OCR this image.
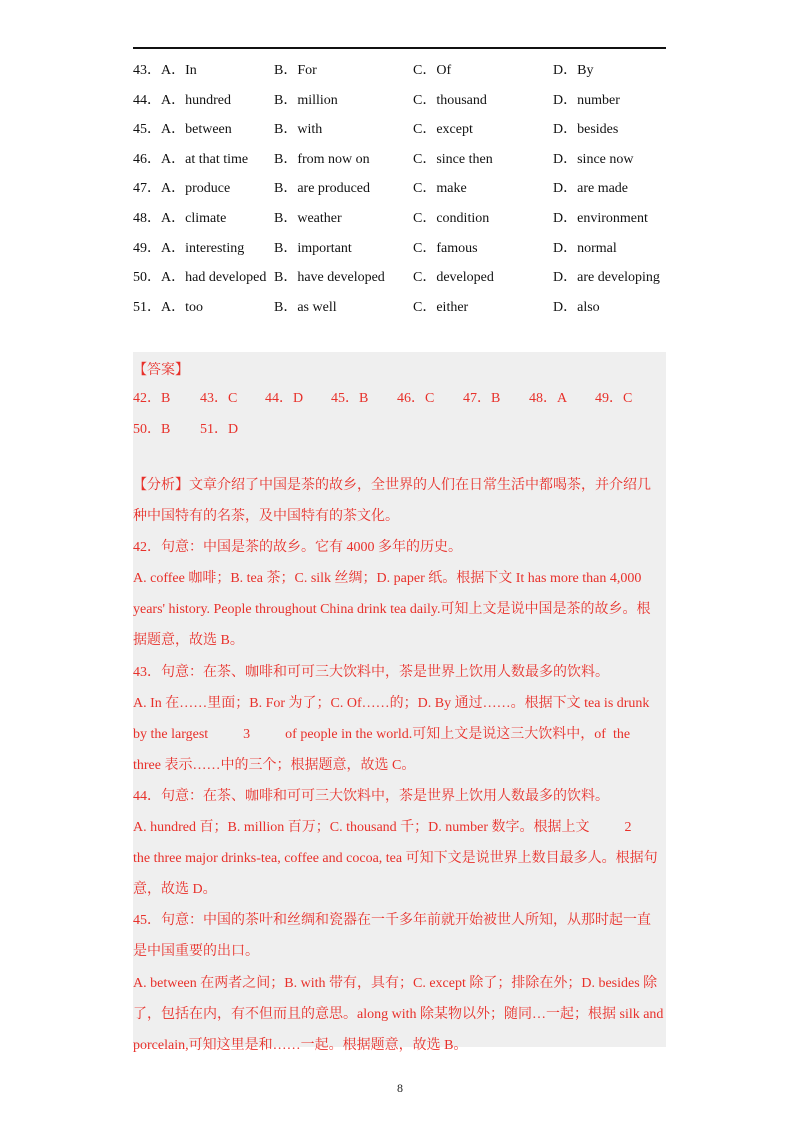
43． A．In	B．For	C．Of	D．By
44． A．hundred	B．million	C．thousand	D．number
45． A．between	B．with	C．except	D．besides
46． A．at that time B．from now on	C．since then	D．since now
47． A．produce	B．are produced	C．make	D．are made
48． A．climate	B．weather	C．condition	D．environment
49． A．interesting B．important	C．famous	D．normal
50． A．had developed B．have developed C．developed	D．are developing
51． A．too	B．as well	C．either	D．also
【答案】
42．B 43．C 44．D 45．B 46．C 47．B 48．A 49．C
50．B 51．D
【分析】文章介绍了中国是茶的故乡，全世界的人们在日常生活中都喝茶，并介绍几
种中国特有的名茶，及中国特有的茶文化。
42．句意：中国是茶的故乡。它有 4000 多年的历史。
A. coffee 咖啡；B. tea 茶；C. silk 丝绸；D. paper 纸。根据下文 It has more than 4,000
years' history. People throughout China drink tea daily.可知上文是说中国是茶的故乡。根
据题意，故选 B。
43．句意：在茶、咖啡和可可三大饮料中，茶是世界上饮用人数最多的饮料。
A. In 在……里面；B. For 为了；C. Of……的；D. By 通过……。根据下文 tea is drunk
by the largest          3          of people in the world.可知上文是说这三大饮料中，of  the
three 表示……中的三个；根据题意，故选 C。
44．句意：在茶、咖啡和可可三大饮料中，茶是世界上饮用人数最多的饮料。
A. hundred 百；B. million 百万；C. thousand 千；D. number 数字。根据上文          2
the three major drinks-tea, coffee and cocoa, tea 可知下文是说世界上数目最多人。根据句
意，故选 D。
45．句意：中国的茶叶和丝绸和瓷器在一千多年前就开始被世人所知，从那时起一直
是中国重要的出口。
A. between 在两者之间；B. with 带有，具有；C. except 除了；排除在外；D. besides 除
了，包括在内，有不但而且的意思。along with 除某物以外；随同…一起；根据 silk and
porcelain,可知这里是和……一起。根据题意，故选 B。
8
